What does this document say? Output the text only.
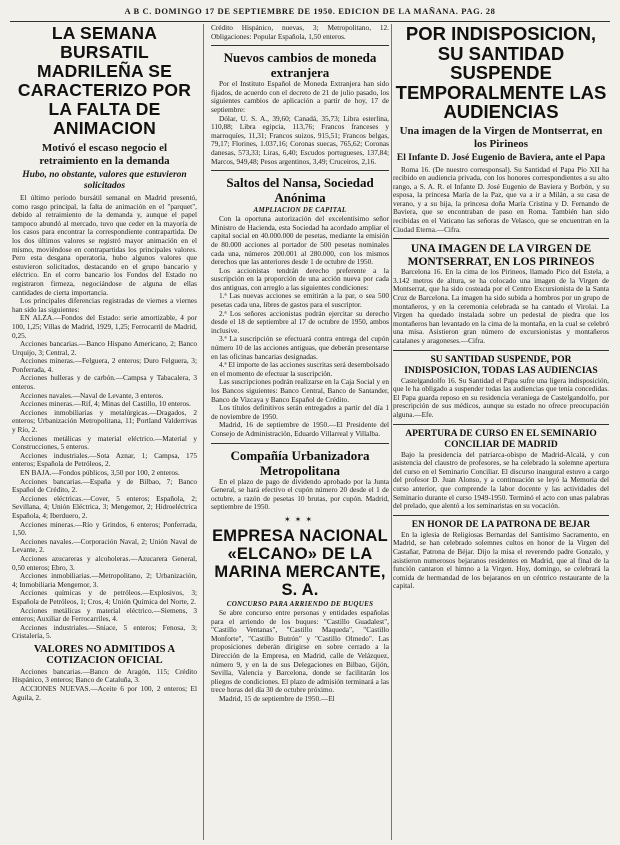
A B C. DOMINGO 17 DE SEPTIEMBRE DE 1950. EDICION DE LA MAÑANA. PAG. 28
LA SEMANA BURSATIL MADRILEÑA SE CARACTERIZO POR LA FALTA DE ANIMACION
Motivó el escaso negocio el retraimiento en la demanda
Hubo, no obstante, valores que estuvieron solicitados

El último período bursátil semanal en Madrid presentó, como rasgo principal, la falta de animación en el "parquet", debido al retraimiento de la demanda y, aunque el papel tampoco abundó al mercado, tuvo que ceder en la mayoría de los casos para encontrar la correspondiente contrapartida. De los dos últimos valores se registró mayor animación en el mismo, moviéndose en contrapartidas los principales valores. Pero esta desgana operatoria, hubo algunos valores que estuvieron solicitados, destacando en el grupo bancario y eléctrico. En el corro bancario los Fondos del Estado no registraron firmeza, negociándose de alguna de ellas cantidades de cierta importancia.

Los principales diferencias registradas de viernes a viernes han sido las siguientes:

EN ALZA.—Fondos del Estado: serie amortizable, 4 por 100, 1,25; Villas de Madrid, 1929, 1,25; Ferrocarril de Madrid, 0,25.

Acciones bancarias.—Banco Hispano Americano, 2; Banco Urquijo, 3; Central, 2.

Acciones mineras.—Felguera, 2 enteros; Duro Felguera, 3; Ponferrada, 4.

Acciones hulleras y de carbón.—Campsa y Tabacalera, 3 enteros.

Acciones navales.—Naval de Levante, 3 enteros.

Acciones mineras.—Rif, 4; Minas del Castillo, 10 enteros.

Acciones inmobiliarias y metalúrgicas.—Dragados, 2 enteros; Urbanización Metropolitana, 11; Portland Valderrivas y Río, 2.

Acciones metálicas y material eléctrico.—Material y Construcciones, 5 enteros.

Acciones industriales.—Sota Aznar, 1; Campsa, 175 enteros; Española de Petróleos, 2.

EN BAJA.—Fondos públicos, 3,50 por 100, 2 enteros.

Acciones bancarias.—España y de Bilbao, 7; Banco Español de Crédito, 2.

Acciones eléctricas.—Cover, 5 enteros; Española, 2; Sevillana, 4; Unión Eléctrica, 3; Mengemor, 2; Hidroeléctrica Española, 4; Iberduero, 2.

Acciones mineras.—Río y Grindos, 6 enteros; Ponferrada, 1,50.

Acciones navales.—Corporación Naval, 2; Unión Naval de Levante, 2.

Acciones azucareras y alcoholeras.—Azucarera General, 0,50 enteros; Ebro, 3.

Acciones inmobiliarias.—Metropolitano, 2; Urbanización, 4; Inmobiliaria Mengemor, 3.

Acciones químicas y de petróleos.—Explosivos, 3; Española de Petróleos, 1; Cros, 4; Unión Química del Norte, 2.

Acciones metálicas y material eléctrico.—Siemens, 3 enteros; Auxiliar de Ferrocarriles, 4.

Acciones industriales.—Sniace, 5 enteros; Fenosa, 3; Cristalería, 5.

VALORES NO ADMITIDOS A COTIZACION OFICIAL

Acciones bancarias.—Banco de Aragón, 115; Crédito Hispánico, 3 enteros; Banco de Cataluña, 3.

ACCIONES NUEVAS.—Aceite 6 por 100, 2 enteros; El Aguila, 2.

Crédito Hispánico, nuevas, 3; Metropolitano, 12. Obligaciones: Popular Española, 1,50 enteros.

Nuevos cambios de moneda extranjera

Por el Instituto Español de Moneda Extranjera han sido fijados, de acuerdo con el decreto de 21 de julio pasado, los siguientes cambios de aplicación a partir de hoy, 17 de septiembre:

Dólar, U. S. A., 39,60; Canadá, 35,73; Libra esterlina, 110,88; Libra egipcia, 113,76; Francos franceses y marroquíes, 11,31; Francos suizos, 915,51; Francos belgas, 79,17; Florines, 1.037,16; Coronas suecas, 765,62; Coronas danesas, 573,33; Liras, 6,40; Escudos portugueses, 137,84; Marcos, 949,48; Pesos argentinos, 3,49; Cruceiros, 2,16.

Saltos del Nansa, Sociedad Anónima
AMPLIACION DE CAPITAL

Con la oportuna autorización del excelentísimo señor Ministro de Hacienda, esta Sociedad ha acordado ampliar el capital social en 40.000.000 de pesetas, mediante la emisión de 80.000 acciones al portador de 500 pesetas nominales cada una, números 200.001 al 280.000, con los mismos derechos que las anteriores desde 1 de octubre de 1950.

Los accionistas tendrán derecho preferente a la suscripción en la proporción de una acción nueva por cada dos antiguas, con arreglo a las siguientes condiciones:

1.ª Las nuevas acciones se emitirán a la par, o sea 500 pesetas cada una, libres de gastos para el suscriptor.

2.ª Los señores accionistas podrán ejercitar su derecho desde el 18 de septiembre al 17 de octubre de 1950, ambos inclusive.

3.ª La suscripción se efectuará contra entrega del cupón número 10 de las acciones antiguas, que deberán presentarse en las oficinas bancarias designadas.

4.ª El importe de las acciones suscritas será desembolsado en el momento de efectuar la suscripción.

Las suscripciones podrán realizarse en la Caja Social y en los Bancos siguientes: Banco Central, Banco de Santander, Banco de Vizcaya y Banco Español de Crédito.

Los títulos definitivos serán entregados a partir del día 1 de noviembre de 1950.

Madrid, 16 de septiembre de 1950.—El Presidente del Consejo de Administración, Eduardo Villarreal y Villalba.

Compañía Urbanizadora Metropolitana

En el plazo de pago de dividendo aprobado por la Junta General, se hará efectivo el cupón número 20 desde el 1 de octubre, a razón de pesetas 10 brutas, por cupón. Madrid, septiembre de 1950.

✶✶✶
EMPRESA NACIONAL «ELCANO» DE LA MARINA MERCANTE, S. A.
CONCURSO PARA ARRIENDO DE BUQUES

Se abre concurso entre personas y entidades españolas para el arriendo de los buques: "Castillo Guadalest", "Castillo Ventanas", "Castillo Maqueda", "Castillo Monforte", "Castillo Butrón" y "Castillo Olmedo". Las proposiciones deberán dirigirse en sobre cerrado a la Dirección de la Empresa, en Madrid, calle de Velázquez, número 9, y en la de sus Delegaciones en Bilbao, Gijón, Sevilla, Valencia y Barcelona, donde se facilitarán los pliegos de condiciones. El plazo de admisión terminará a las trece horas del día 30 de octubre próximo.

Madrid, 15 de septiembre de 1950.—El

POR INDISPOSICION, SU SANTIDAD SUSPENDE TEMPORALMENTE LAS AUDIENCIAS
Una imagen de la Virgen de Montserrat, en los Pirineos
El Infante D. José Eugenio de Baviera, ante el Papa

Roma 16. (De nuestro corresponsal). Su Santidad el Papa Pío XII ha recibido en audiencia privada, con los honores correspondientes a su alto rango, a S. A. R. el Infante D. José Eugenio de Baviera y Borbón, y su esposa, la princesa María de la Paz, que va a ir a Milán, a su casa de verano, y a su hija, la princesa doña María Cristina y D. Fernando de Baviera, que se encontraban de paso en Roma. También han sido recibidas en el Vaticano las señoras de Velasco, que se encuentran en la Ciudad Eterna.—Cifra.

UNA IMAGEN DE LA VIRGEN DE MONTSERRAT, EN LOS PIRINEOS

Barcelona 16. En la cima de los Pirineos, llamado Pico del Estela, a 3.142 metros de altura, se ha colocado una imagen de la Virgen de Montserrat, que ha sido costeada por el Centro Excursionista de la Santa Cruz de Barcelona. La imagen ha sido subida a hombros por un grupo de montañeros, y en la ceremonia celebrada se ha cantado el Virolai. La Virgen ha quedado instalada sobre un pedestal de piedra que los montañeros han levantado en la cima de la montaña, en la cual se celebró una misa. Asistieron gran número de excursionistas y montañeros catalanes y aragoneses.—Cifra.

SU SANTIDAD SUSPENDE, POR INDISPOSICION, TODAS LAS AUDIENCIAS

Castelgandolfo 16. Su Santidad el Papa sufre una ligera indisposición, que le ha obligado a suspender todas las audiencias que tenía concedidas. El Papa guarda reposo en su residencia veraniega de Castelgandolfo, por prescripción de sus médicos, aunque su estado no ofrece preocupación alguna.—Efe.

APERTURA DE CURSO EN EL SEMINARIO CONCILIAR DE MADRID

Bajo la presidencia del patriarca-obispo de Madrid-Alcalá, y con asistencia del claustro de profesores, se ha celebrado la solemne apertura del curso en el Seminario Conciliar. El discurso inaugural estuvo a cargo del profesor D. Juan Alonso, y a continuación se leyó la Memoria del curso anterior, que comprende la labor docente y las actividades del Seminario durante el curso 1949-1950. Terminó el acto con unas palabras del prelado, que alentó a los seminaristas en su vocación.

EN HONOR DE LA PATRONA DE BEJAR

En la iglesia de Religiosas Bernardas del Santísimo Sacramento, en Madrid, se han celebrado solemnes cultos en honor de la Virgen del Castañar, Patrona de Béjar. Dijo la misa el reverendo padre Gonzalo, y asistieron numerosos bejaranos residentes en Madrid, que al final de la función cantaron el himno a la Virgen. Hoy, domingo, se celebrará la comida de hermandad de los bejaranos en un céntrico restaurante de la capital.
